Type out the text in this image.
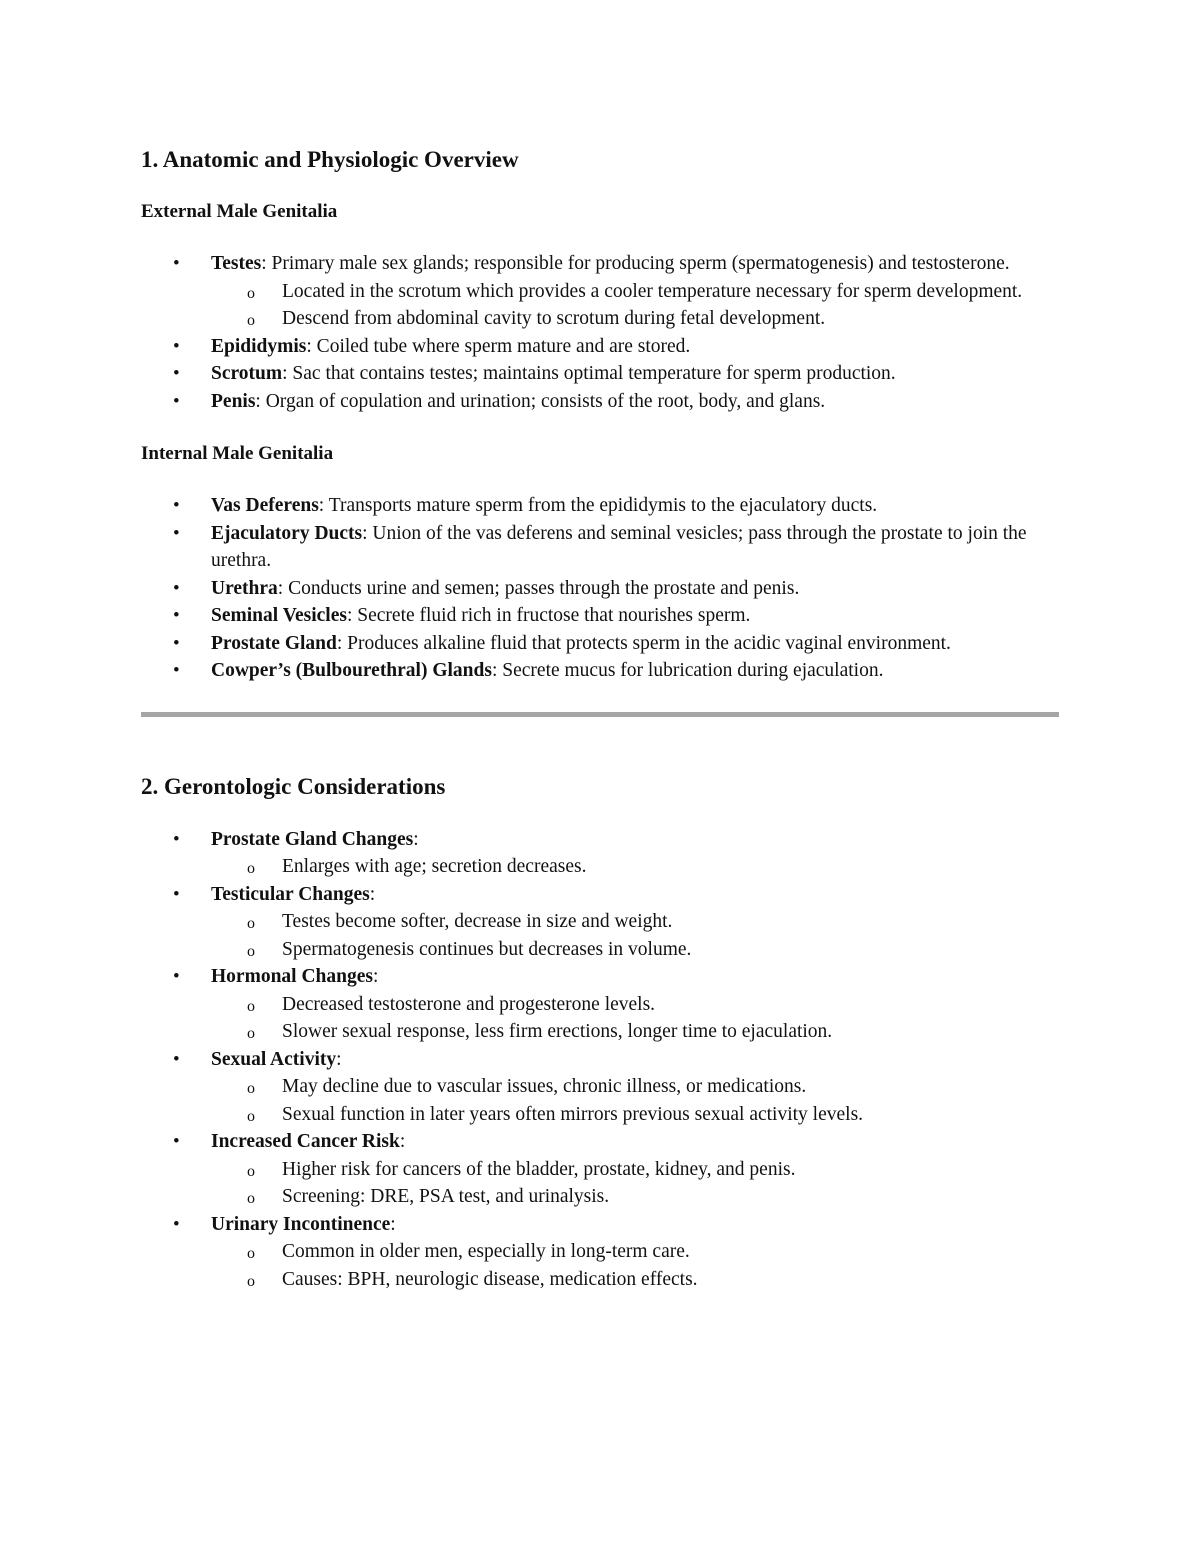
1. Anatomic and Physiologic Overview
External Male Genitalia
• Testes: Primary male sex glands; responsible for producing sperm (spermatogenesis) and testosterone.
o Located in the scrotum which provides a cooler temperature necessary for sperm development.
o Descend from abdominal cavity to scrotum during fetal development.
• Epididymis: Coiled tube where sperm mature and are stored.
• Scrotum: Sac that contains testes; maintains optimal temperature for sperm production.
• Penis: Organ of copulation and urination; consists of the root, body, and glans.
Internal Male Genitalia
• Vas Deferens: Transports mature sperm from the epididymis to the ejaculatory ducts.
• Ejaculatory Ducts: Union of the vas deferens and seminal vesicles; pass through the prostate to join the urethra.
• Urethra: Conducts urine and semen; passes through the prostate and penis.
• Seminal Vesicles: Secrete fluid rich in fructose that nourishes sperm.
• Prostate Gland: Produces alkaline fluid that protects sperm in the acidic vaginal environment.
• Cowper’s (Bulbourethral) Glands: Secrete mucus for lubrication during ejaculation.
2. Gerontologic Considerations
• Prostate Gland Changes:
o Enlarges with age; secretion decreases.
• Testicular Changes:
o Testes become softer, decrease in size and weight.
o Spermatogenesis continues but decreases in volume.
• Hormonal Changes:
o Decreased testosterone and progesterone levels.
o Slower sexual response, less firm erections, longer time to ejaculation.
• Sexual Activity:
o May decline due to vascular issues, chronic illness, or medications.
o Sexual function in later years often mirrors previous sexual activity levels.
• Increased Cancer Risk:
o Higher risk for cancers of the bladder, prostate, kidney, and penis.
o Screening: DRE, PSA test, and urinalysis.
• Urinary Incontinence:
o Common in older men, especially in long-term care.
o Causes: BPH, neurologic disease, medication effects.
